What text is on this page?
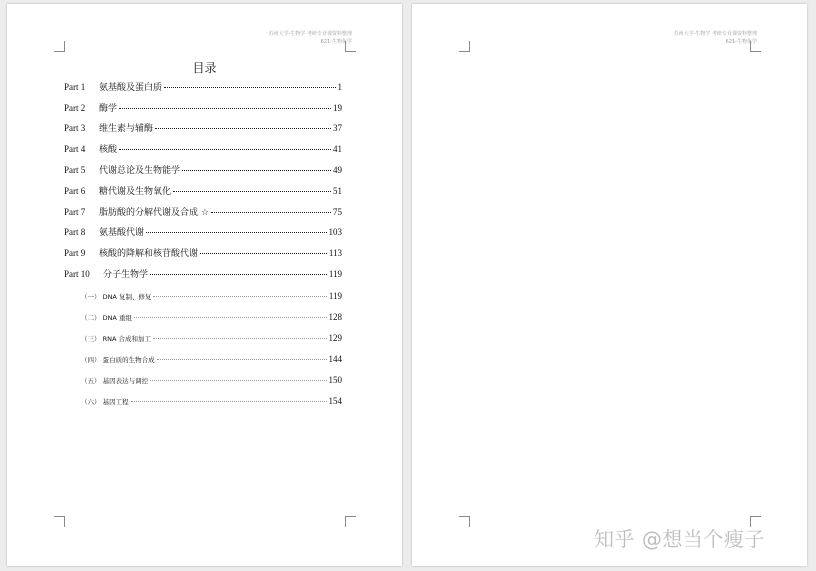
苏州大学-生物学 考研专业课资料整理
621-生物化学
目录
Part 1	氨基酸及蛋白质	1
Part 2	酶学	19
Part 3	维生素与辅酶	37
Part 4	核酸	41
Part 5	代谢总论及生物能学	49
Part 6	糖代谢及生物氧化	51
Part 7	脂肪酸的分解代谢及合成 ☆	75
Part 8	氨基酸代谢	103
Part 9	核酸的降解和核苷酸代谢	113
Part 10	分子生物学	119
（一） DNA 复制、修复	119
（二） DNA 重组	128
（三） RNA 合成和加工	129
（四） 蛋白质的生物合成	144
（五） 基因表达与调控	150
（六） 基因工程	154
苏州大学-生物学 考研专业课资料整理
621-生物化学
知乎 @想当个瘦子
